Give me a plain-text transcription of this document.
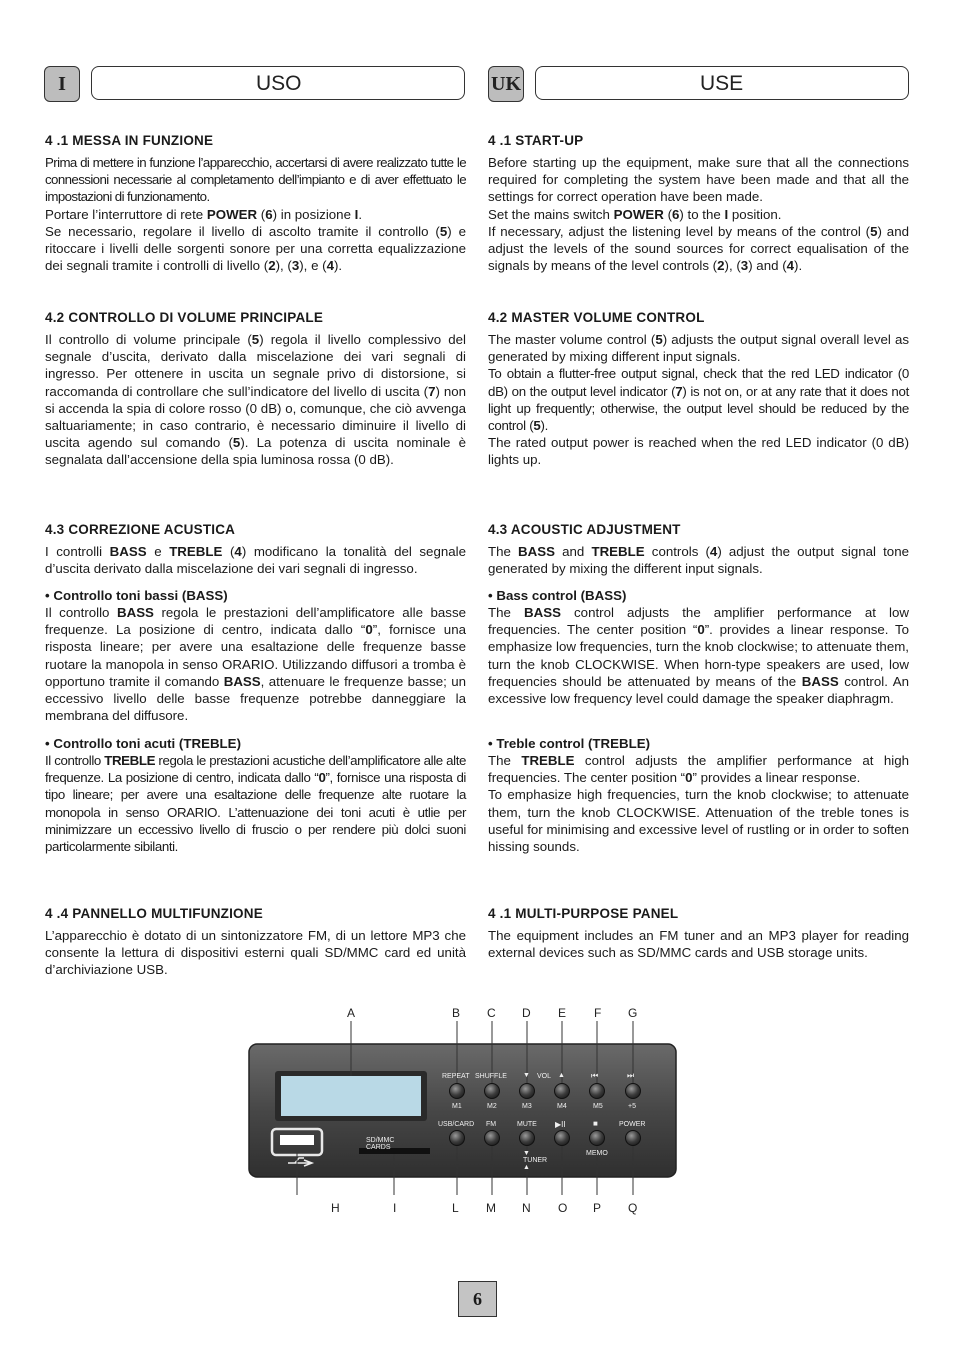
I	USO	UK	USE
4 .1 MESSA IN FUNZIONE
Prima di mettere in funzione l’apparecchio, accertarsi di avere realizzato tutte le connessioni necessarie al completamento dell’impianto e di aver effettuato le impostazioni di funzionamento.
Portare l’interruttore di rete POWER (6) in posizione I.
Se necessario, regolare il livello di ascolto tramite il controllo (5) e ritoccare i livelli delle sorgenti sonore per una corretta equalizzazione dei segnali tramite i controlli di livello (2), (3), e (4).
4.2 CONTROLLO DI VOLUME PRINCIPALE
Il controllo di volume principale (5) regola il livello complessivo del segnale d’uscita, derivato dalla miscelazione dei vari segnali di ingresso. Per ottenere in uscita un segnale privo di distorsione, si raccomanda di controllare che sull’indicatore del livello di uscita (7) non si accenda la spia di colore rosso (0 dB) o, comunque, che ciò avvenga saltuariamente; in caso contrario, è necessario diminuire il livello di uscita agendo sul comando (5). La potenza di uscita nominale è segnalata dall’accensione della spia luminosa rossa (0 dB).
4.3 CORREZIONE ACUSTICA
I controlli BASS e TREBLE (4) modificano la tonalità del segnale d’uscita derivato dalla miscelazione dei vari segnali di ingresso.
• Controllo toni bassi (BASS)
Il controllo BASS regola le prestazioni dell’amplificatore alle basse frequenze. La posizione di centro, indicata dallo “0”, fornisce una risposta lineare; per avere una esaltazione delle frequenze basse ruotare la manopola in senso ORARIO. Utilizzando diffusori a tromba è opportuno tramite il comando BASS, attenuare le frequenze basse; un eccessivo livello delle basse frequenze potrebbe danneggiare la membrana del diffusore.
• Controllo toni acuti (TREBLE)
Il controllo TREBLE regola le prestazioni acustiche dell’amplificatore alle alte frequenze. La posizione di centro, indicata dallo “0”, fornisce una risposta di tipo lineare; per avere una esaltazione delle frequenze alte ruotare la monopola in senso ORARIO. L’attenuazione dei toni acuti è utlie per minimizzare un eccessivo livello di fruscio o per rendere più dolci suoni particolarmente sibilanti.
4 .4 PANNELLO MULTIFUNZIONE
L’apparecchio è dotato di un sintonizzatore FM, di un lettore MP3 che consente la lettura di dispositivi esterni quali SD/MMC card ed unità d’archiviazione USB.
4 .1 START-UP
Before starting up the equipment, make sure that all the connections required for completing the system have been made and that all the settings for correct operation have been made.
Set the mains switch POWER (6) to the I position.
If necessary, adjust the listening level by means of the control (5) and adjust the levels of the sound sources for correct equalisation of the signals by means of the level controls (2), (3) and (4).
4.2 MASTER VOLUME CONTROL
The master volume control (5) adjusts the output signal overall level as generated by mixing different input signals.
To obtain a flutter-free output signal, check that the red LED indicator (0 dB) on the output level indicator (7) is not on, or at any rate that it does not light up frequently; otherwise, the output level should be reduced by the control (5).
The rated output power is reached when the red LED indicator (0 dB) lights up.
4.3 ACOUSTIC ADJUSTMENT
The BASS and TREBLE controls (4) adjust the output signal tone generated by mixing the different input signals.
• Bass control (BASS)
The BASS control adjusts the amplifier performance at low frequencies. The center position “0”. provides a linear response. To emphasize low frequencies, turn the knob clockwise; to attenuate them, turn the knob CLOCKWISE. When horn-type speakers are used, low frequencies should be attenuated by means of the BASS control. An excessive low frequency level could damage the speaker diaphragm.
• Treble control (TREBLE)
The TREBLE control adjusts the amplifier performance at high frequencies. The center position “0” provides a linear response.
To emphasize high frequencies, turn the knob clockwise; to attenuate them, turn the knob CLOCKWISE. Attenuation of the treble tones is useful for minimising and excessive level of rustling or in order to soften hissing sounds.
4 .1 MULTI-PURPOSE PANEL
The equipment includes an FM tuner and an MP3 player for reading external devices such as SD/MMC cards and USB storage units.
A	B C D E F G
H	I	L M N O P Q
REPEAT SHUFFLE ▼ VOL ▲	⏮	⏭
M1	M2	M3	M4	M5	+5
USB/CARD FM	MUTE ▶II	■	POWER
▼ TUNER ▲
MEMO
SD/MMC CARDS
6
